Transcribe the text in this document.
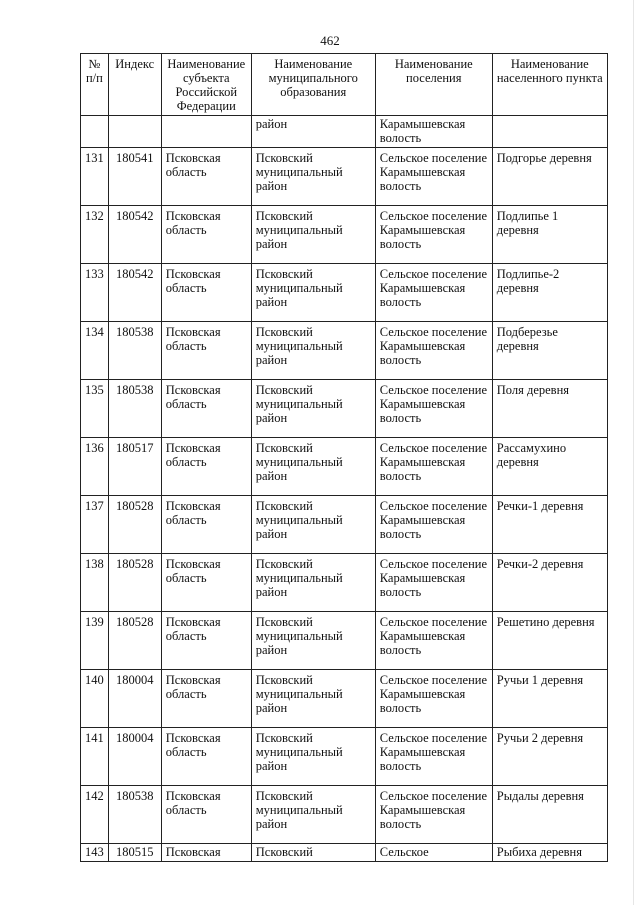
462
№ п/п	Индекс	Наименование субъекта Российской Федерации	Наименование муниципального образования	Наименование поселения	Наименование населенного пункта
			район	Карамышевская волость	
131	180541	Псковская область	Псковский муниципальный район	Сельское поселение Карамышевская волость	Подгорье деревня
132	180542	Псковская область	Псковский муниципальный район	Сельское поселение Карамышевская волость	Подлипье 1 деревня
133	180542	Псковская область	Псковский муниципальный район	Сельское поселение Карамышевская волость	Подлипье-2 деревня
134	180538	Псковская область	Псковский муниципальный район	Сельское поселение Карамышевская волость	Подберезье деревня
135	180538	Псковская область	Псковский муниципальный район	Сельское поселение Карамышевская волость	Поля деревня
136	180517	Псковская область	Псковский муниципальный район	Сельское поселение Карамышевская волость	Рассамухино деревня
137	180528	Псковская область	Псковский муниципальный район	Сельское поселение Карамышевская волость	Речки-1 деревня
138	180528	Псковская область	Псковский муниципальный район	Сельское поселение Карамышевская волость	Речки-2 деревня
139	180528	Псковская область	Псковский муниципальный район	Сельское поселение Карамышевская волость	Решетино деревня
140	180004	Псковская область	Псковский муниципальный район	Сельское поселение Карамышевская волость	Ручьи 1 деревня
141	180004	Псковская область	Псковский муниципальный район	Сельское поселение Карамышевская волость	Ручьи 2 деревня
142	180538	Псковская область	Псковский муниципальный район	Сельское поселение Карамышевская волость	Рыдалы деревня
143	180515	Псковская	Псковский	Сельское	Рыбиха деревня
